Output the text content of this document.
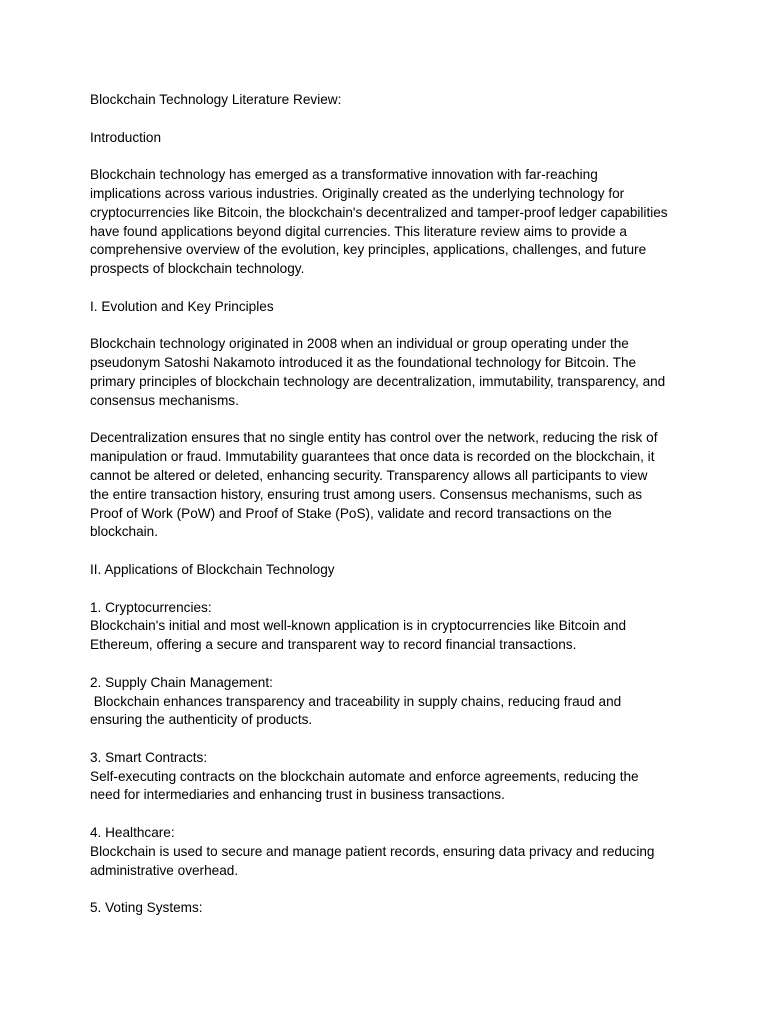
Blockchain Technology Literature Review:
Introduction
Blockchain technology has emerged as a transformative innovation with far-reaching
implications across various industries. Originally created as the underlying technology for
cryptocurrencies like Bitcoin, the blockchain's decentralized and tamper-proof ledger capabilities
have found applications beyond digital currencies. This literature review aims to provide a
comprehensive overview of the evolution, key principles, applications, challenges, and future
prospects of blockchain technology.
I. Evolution and Key Principles
Blockchain technology originated in 2008 when an individual or group operating under the
pseudonym Satoshi Nakamoto introduced it as the foundational technology for Bitcoin. The
primary principles of blockchain technology are decentralization, immutability, transparency, and
consensus mechanisms.
Decentralization ensures that no single entity has control over the network, reducing the risk of
manipulation or fraud. Immutability guarantees that once data is recorded on the blockchain, it
cannot be altered or deleted, enhancing security. Transparency allows all participants to view
the entire transaction history, ensuring trust among users. Consensus mechanisms, such as
Proof of Work (PoW) and Proof of Stake (PoS), validate and record transactions on the
blockchain.
II. Applications of Blockchain Technology
1. Cryptocurrencies:
Blockchain's initial and most well-known application is in cryptocurrencies like Bitcoin and
Ethereum, offering a secure and transparent way to record financial transactions.
2. Supply Chain Management:
Blockchain enhances transparency and traceability in supply chains, reducing fraud and
ensuring the authenticity of products.
3. Smart Contracts:
Self-executing contracts on the blockchain automate and enforce agreements, reducing the
need for intermediaries and enhancing trust in business transactions.
4. Healthcare:
Blockchain is used to secure and manage patient records, ensuring data privacy and reducing
administrative overhead.
5. Voting Systems:
